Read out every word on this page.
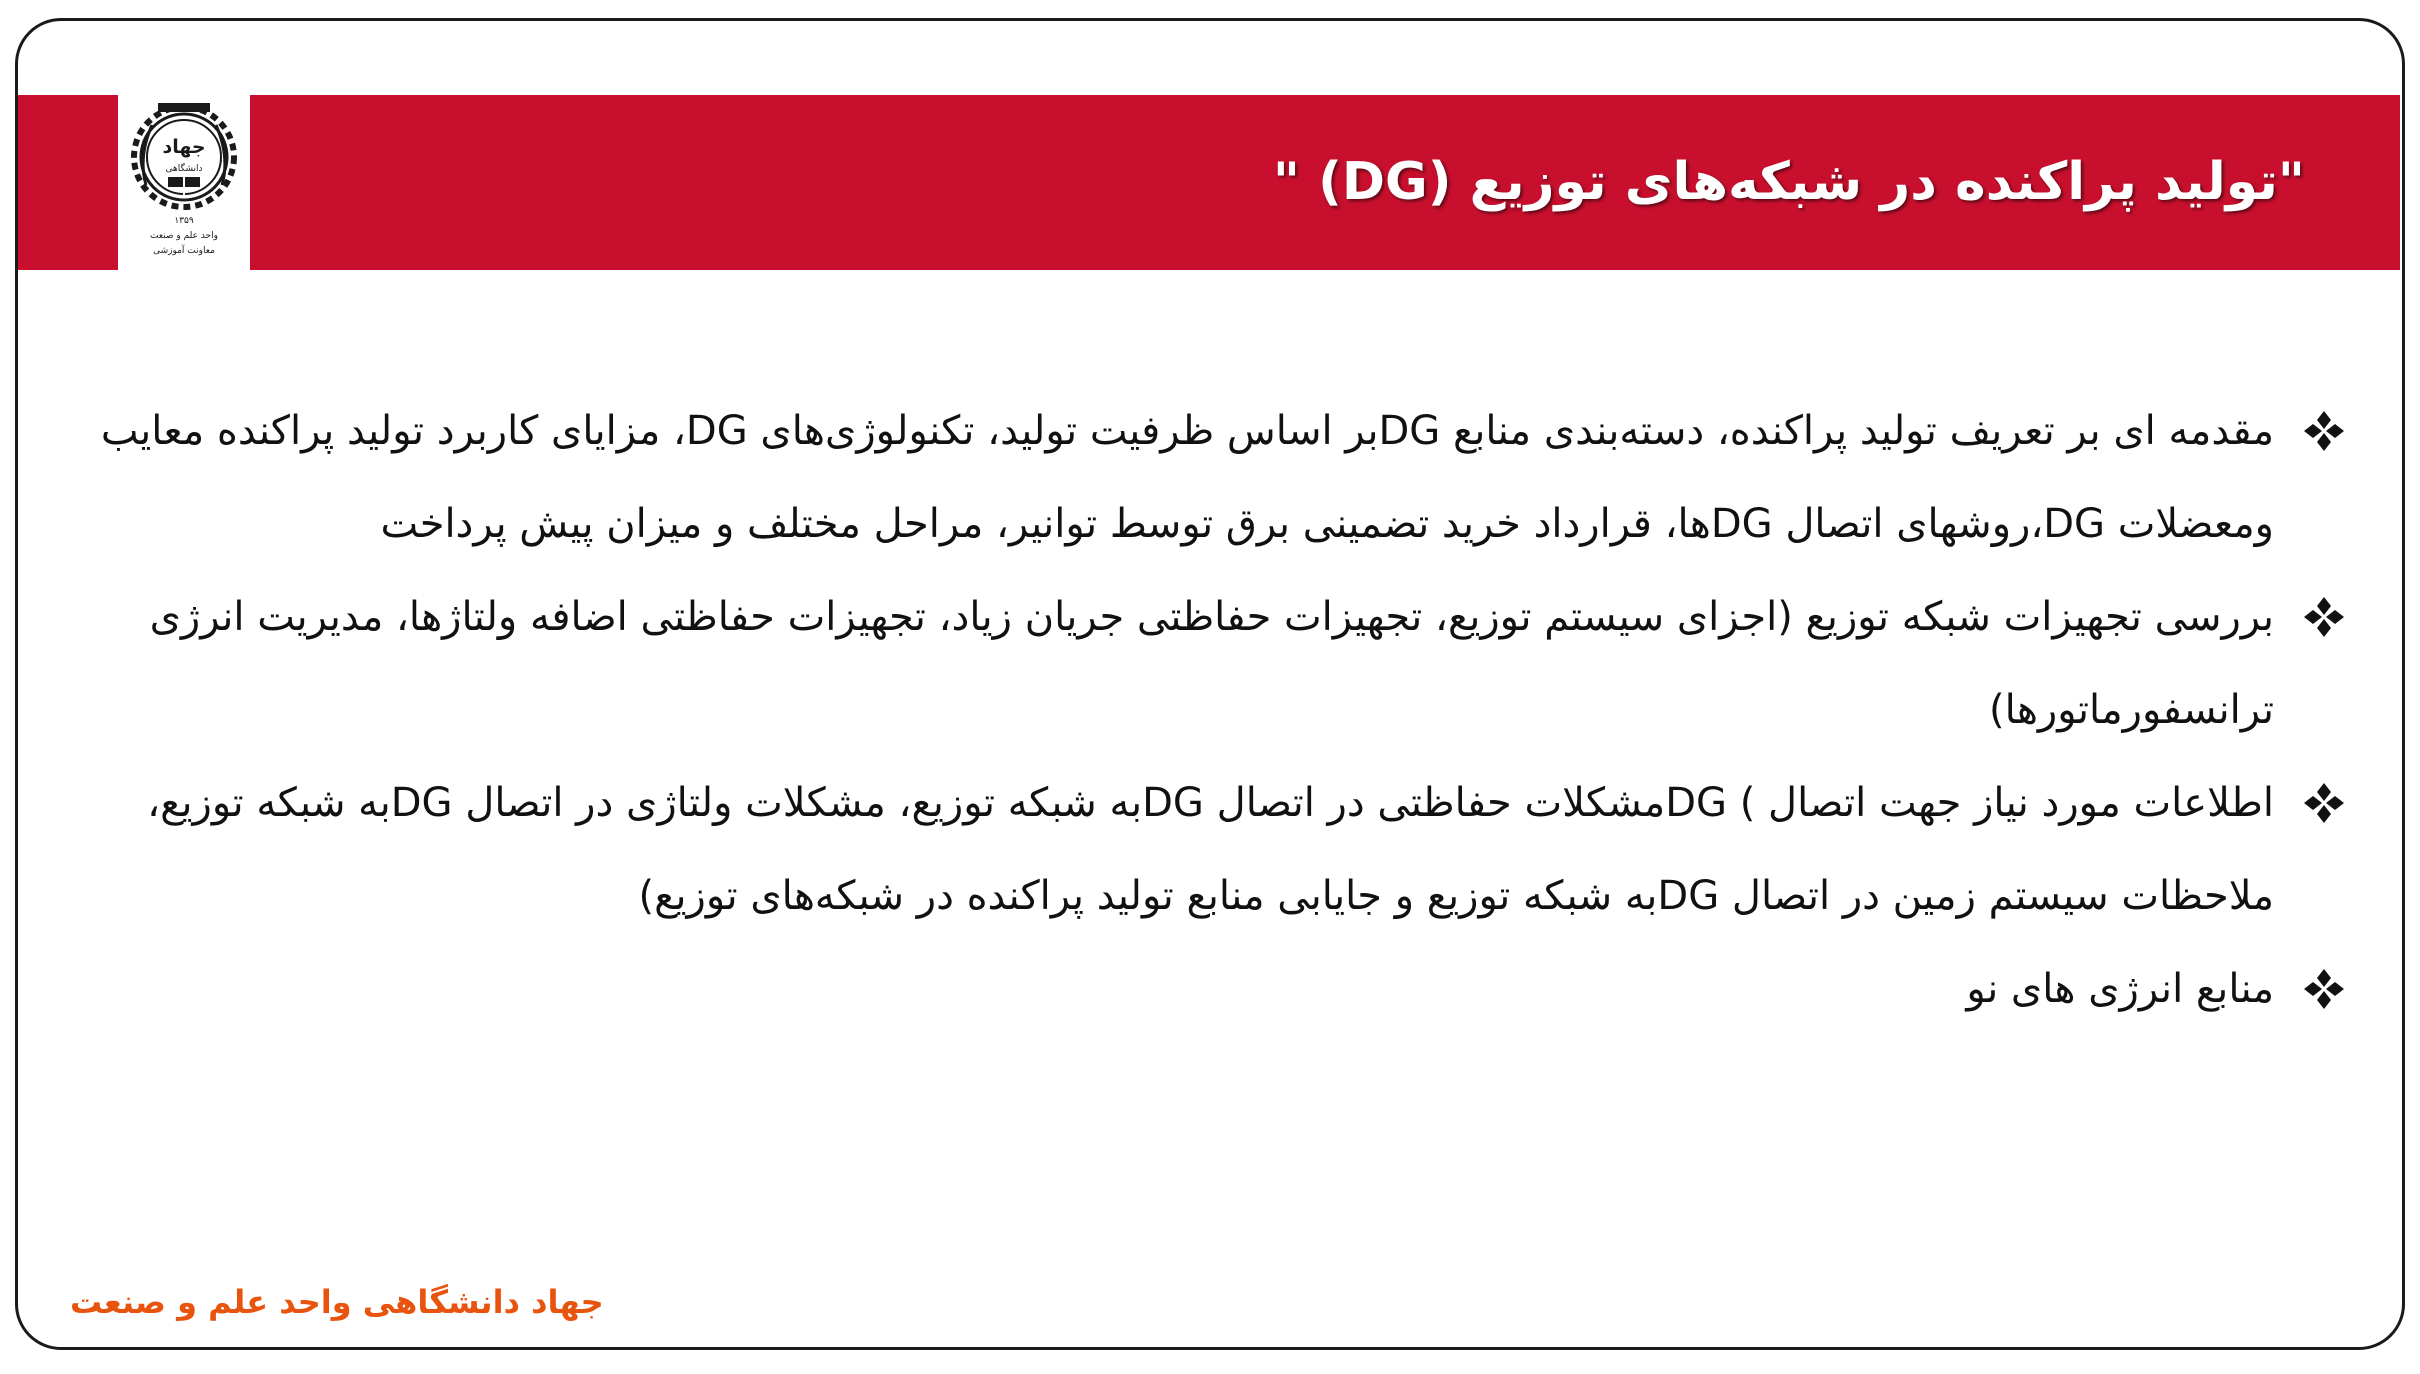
"تولید پراکنده در شبکه‌های توزیع (DG) "
جهاد
دانشگاهی
۱۳۵۹
واحد علم و صنعت
معاونت آموزشی
مقدمه ای بر تعریف تولید پراکنده، دسته‌بندی منابع DGبر اساس ظرفیت تولید، تکنولوژی‌های DG، مزایای کاربرد تولید پراکنده معایب ومعضلات DG،روشهای اتصال DGها، قرارداد خرید تضمینی برق توسط توانیر، مراحل مختلف و میزان پیش پرداخت
بررسی تجهیزات شبکه توزیع (اجزای سیستم توزیع، تجهیزات حفاظتی جریان زیاد، تجهیزات حفاظتی اضافه ولتاژها، مدیریت انرژی ترانسفورماتورها)
اطلاعات مورد نیاز جهت اتصال ) DGمشکلات حفاظتی در اتصال DGبه شبکه توزیع، مشکلات ولتاژی در اتصال DGبه شبکه توزیع، ملاحظات سیستم زمین در اتصال DGبه شبکه توزیع و جایابی منابع تولید پراکنده در شبکه‌های توزیع)
منابع انرژی های نو
جهاد دانشگاهی واحد علم و صنعت
